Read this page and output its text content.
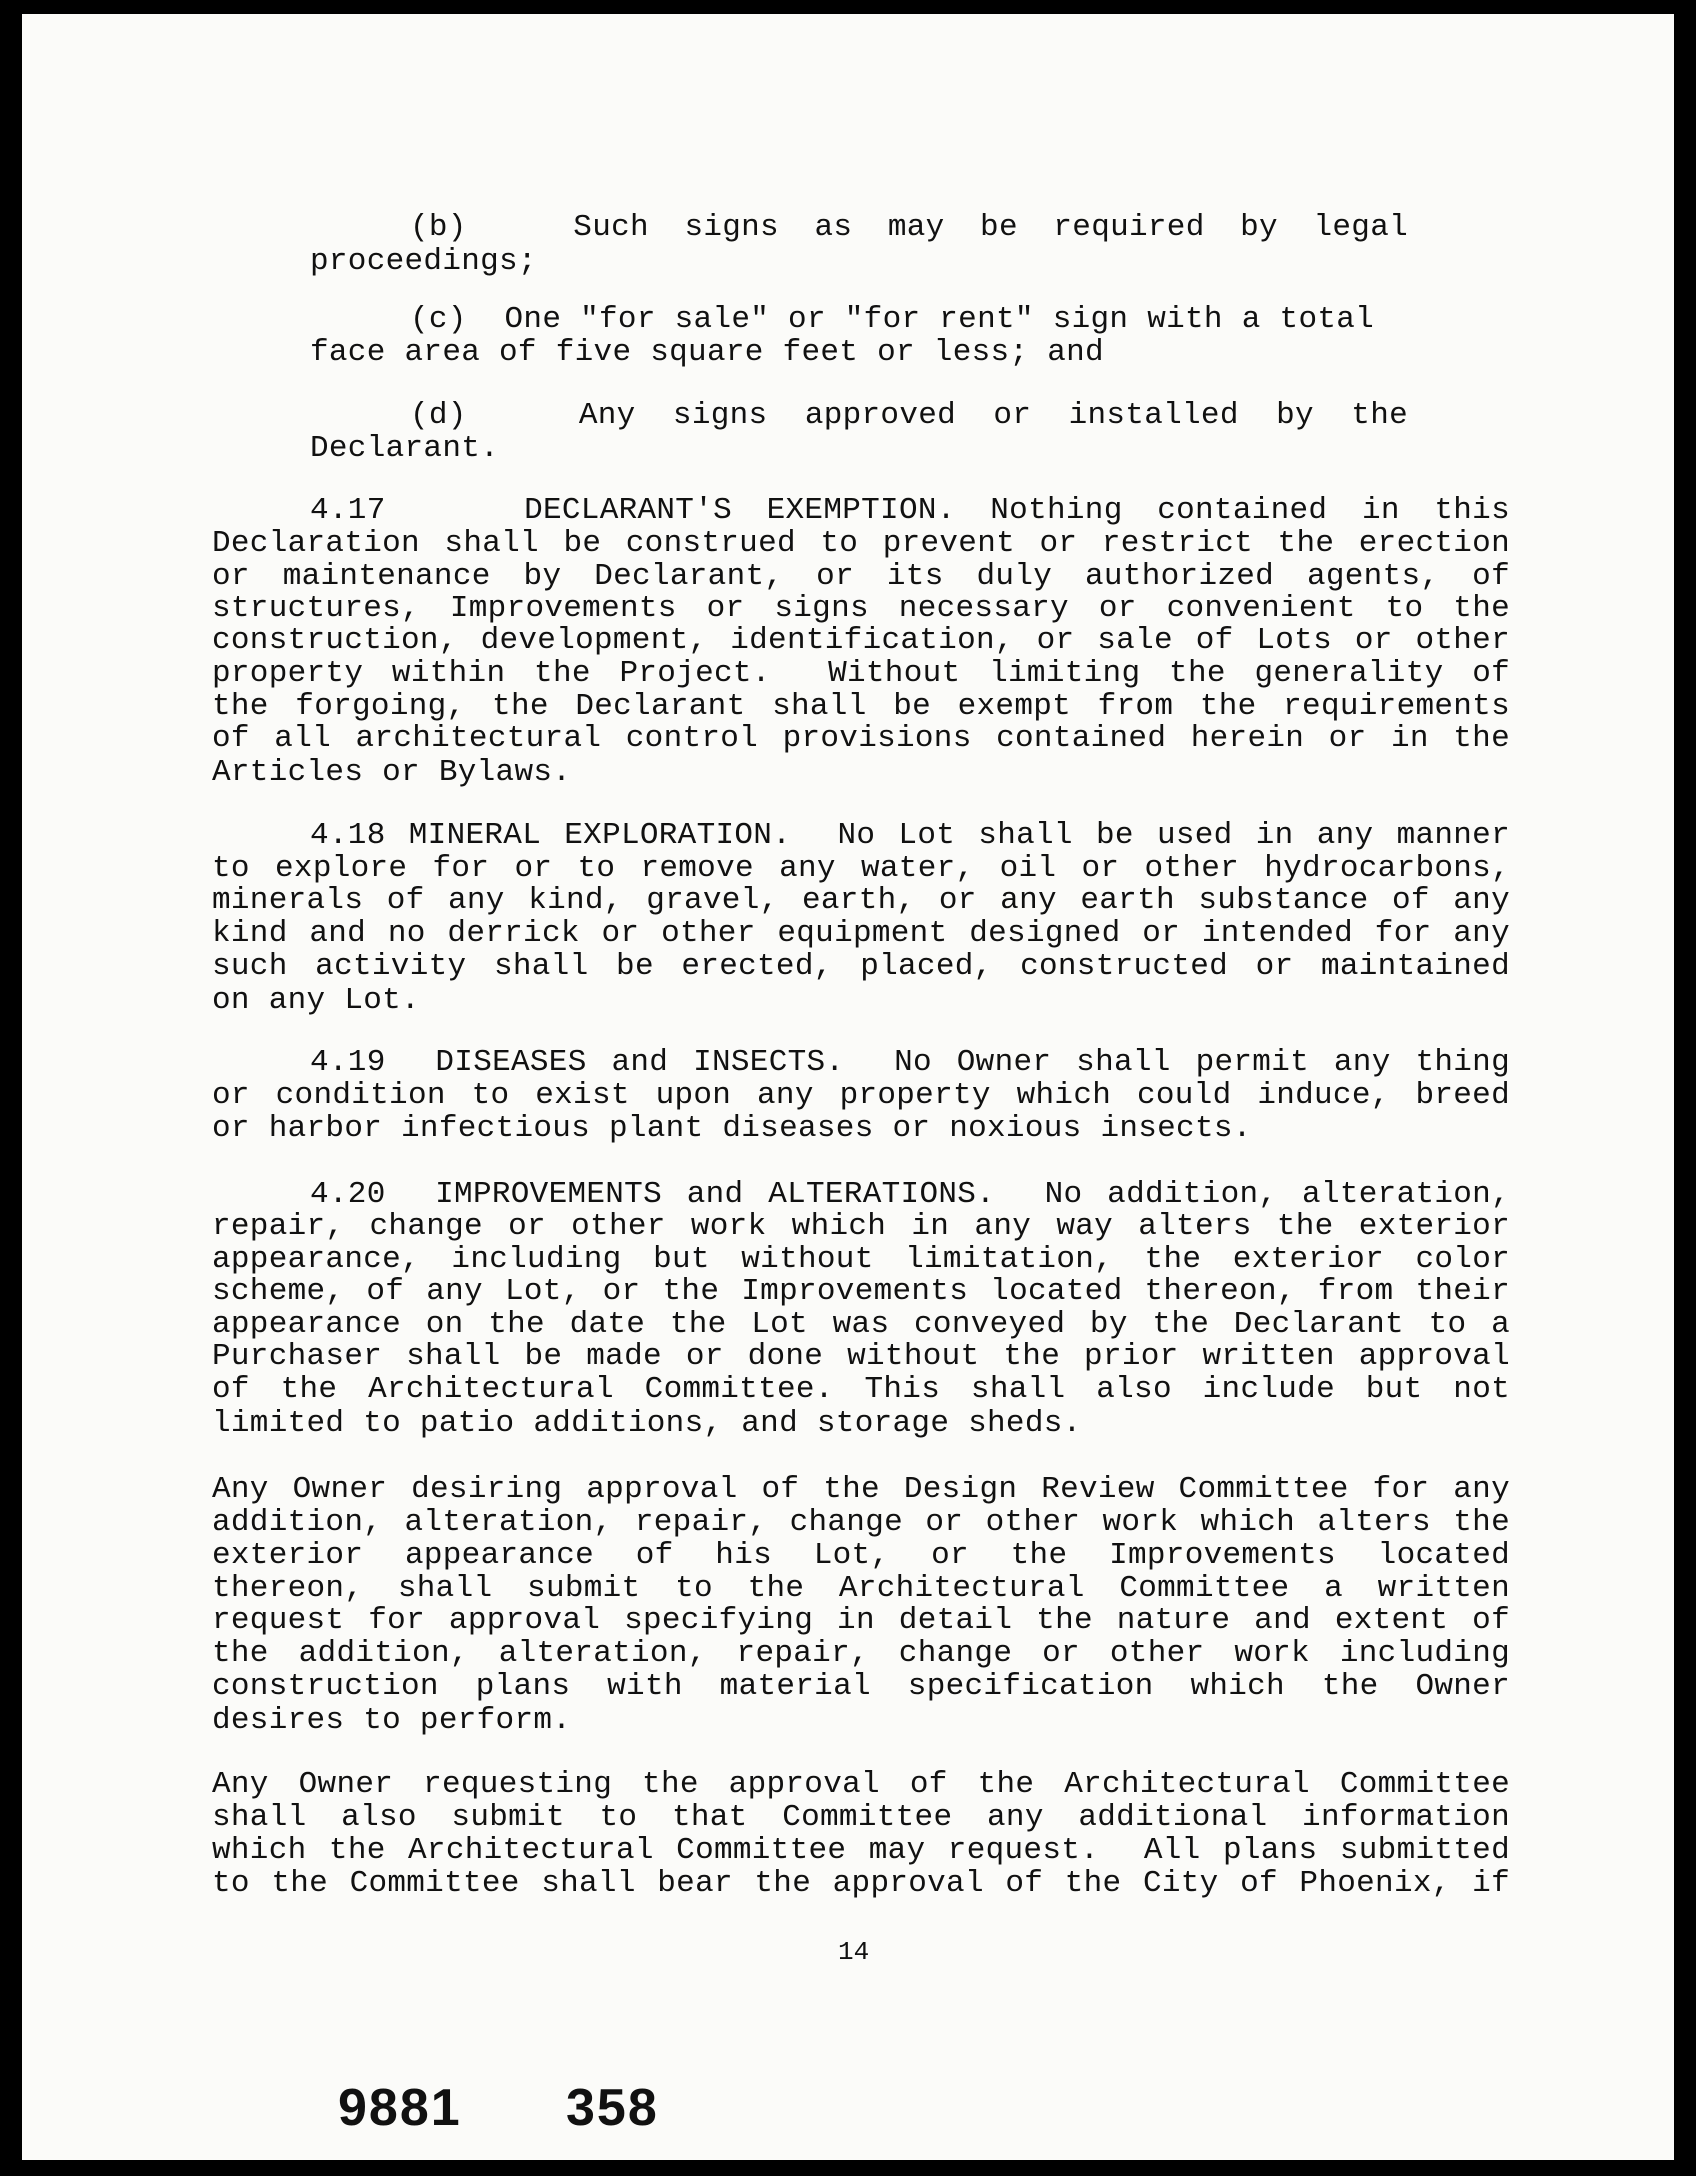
(b)   Such signs as may be required by legal

proceedings;

(c)  One "for sale" or "for rent" sign with a total

face area of five square feet or less; and

(d)   Any signs approved or installed by the

Declarant.

4.17    DECLARANT'S EXEMPTION. Nothing contained in this

Declaration shall be construed to prevent or restrict the erection

or maintenance by Declarant, or its duly authorized agents, of

structures, Improvements or signs necessary or convenient to the

construction, development, identification, or sale of Lots or other

property within the Project.  Without limiting the generality of

the forgoing, the Declarant shall be exempt from the requirements

of all architectural control provisions contained herein or in the

Articles or Bylaws.

4.18 MINERAL EXPLORATION.  No Lot shall be used in any manner

to explore for or to remove any water, oil or other hydrocarbons,

minerals of any kind, gravel, earth, or any earth substance of any

kind and no derrick or other equipment designed or intended for any

such activity shall be erected, placed, constructed or maintained

on any Lot.

4.19  DISEASES and INSECTS.  No Owner shall permit any thing

or condition to exist upon any property which could induce, breed

or harbor infectious plant diseases or noxious insects.

4.20  IMPROVEMENTS and ALTERATIONS.  No addition, alteration,

repair, change or other work which in any way alters the exterior

appearance, including but without limitation, the exterior color

scheme, of any Lot, or the Improvements located thereon, from their

appearance on the date the Lot was conveyed by the Declarant to a

Purchaser shall be made or done without the prior written approval

of the Architectural Committee. This shall also include but not

limited to patio additions, and storage sheds.

Any Owner desiring approval of the Design Review Committee for any

addition, alteration, repair, change or other work which alters the

exterior appearance of his Lot, or the Improvements located

thereon, shall submit to the Architectural Committee a written

request for approval specifying in detail the nature and extent of

the addition, alteration, repair, change or other work including

construction plans with material specification which the Owner

desires to perform.

Any Owner requesting the approval of the Architectural Committee

shall also submit to that Committee any additional information

which the Architectural Committee may request.  All plans submitted

to the Committee shall bear the approval of the City of Phoenix, if

14

9881 358
